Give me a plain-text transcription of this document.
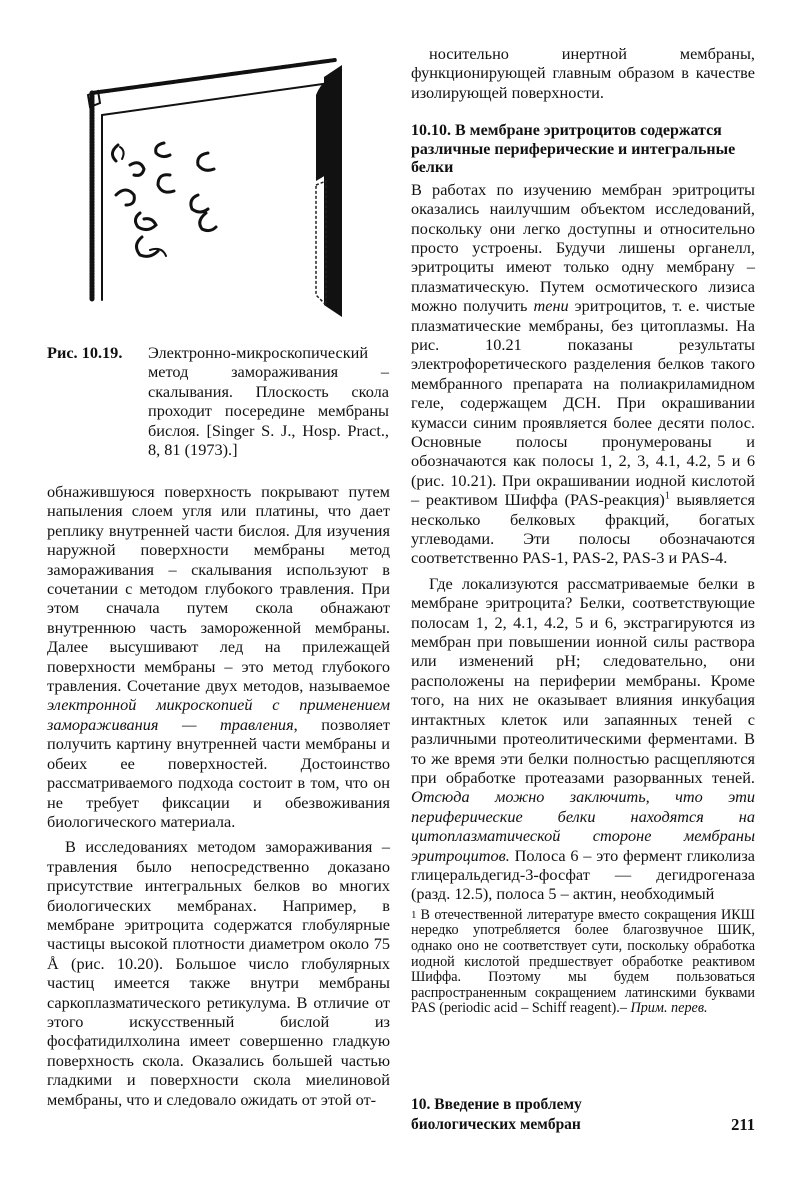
Рис. 10.19. Электронно-микроскопический метод замораживания – скалывания. Плоскость скола проходит посередине мембраны бислоя. [Singer S. J., Hosp. Pract., 8, 81 (1973).]

обнажившуюся поверхность покрывают путем напыления слоем угля или платины, что дает реплику внутренней части бислоя. Для изучения наружной поверхности мембраны метод замораживания – скалывания используют в сочетании с методом глубокого травления. При этом сначала путем скола обнажают внутреннюю часть замороженной мембраны. Далее высушивают лед на прилежащей поверхности мембраны – это метод глубокого травления. Сочетание двух методов, называемое электронной микроскопией с применением замораживания — травления, позволяет получить картину внутренней части мембраны и обеих ее поверхностей. Достоинство рассматриваемого подхода состоит в том, что он не требует фиксации и обезвоживания биологического материала.

В исследованиях методом замораживания – травления было непосредственно доказано присутствие интегральных белков во многих биологических мембранах. Например, в мембране эритроцита содержатся глобулярные частицы высокой плотности диаметром около 75 Å (рис. 10.20). Большое число глобулярных частиц имеется также внутри мембраны саркоплазматического ретикулума. В отличие от этого искусственный бислой из фосфатидилхолина имеет совершенно гладкую поверхность скола. Оказались большей частью гладкими и поверхности скола миелиновой мембраны, что и следовало ожидать от этой от-

носительно инертной мембраны, функционирующей главным образом в качестве изолирующей поверхности.

10.10. В мембране эритроцитов содержатся различные периферические и интегральные белки

В работах по изучению мембран эритроциты оказались наилучшим объектом исследований, поскольку они легко доступны и относительно просто устроены. Будучи лишены органелл, эритроциты имеют только одну мембрану – плазматическую. Путем осмотического лизиса можно получить тени эритроцитов, т. е. чистые плазматические мембраны, без цитоплазмы. На рис. 10.21 показаны результаты электрофоретического разделения белков такого мембранного препарата на полиакриламидном геле, содержащем ДСН. При окрашивании кумасси синим проявляется более десяти полос. Основные полосы пронумерованы и обозначаются как полосы 1, 2, 3, 4.1, 4.2, 5 и 6 (рис. 10.21). При окрашивании иодной кислотой – реактивом Шиффа (PAS-реакция)$^1$ выявляется несколько белковых фракций, богатых углеводами. Эти полосы обозначаются соответственно PAS-1, PAS-2, PAS-3 и PAS-4.

Где локализуются рассматриваемые белки в мембране эритроцита? Белки, соответствующие полосам 1, 2, 4.1, 4.2, 5 и 6, экстрагируются из мембран при повышении ионной силы раствора или изменений pH; следовательно, они расположены на периферии мембраны. Кроме того, на них не оказывает влияния инкубация интактных клеток или запаянных теней с различными протеолитическими ферментами. В то же время эти белки полностью расщепляются при обработке протеазами разорванных теней. Отсюда можно заключить, что эти периферические белки находятся на цитоплазматической стороне мембраны эритроцитов. Полоса 6 – это фермент гликолиза глицеральдегид-3-фосфат — дегидрогеназа (разд. 12.5), полоса 5 – актин, необходимый

$^1$ В отечественной литературе вместо сокращения ИКШ нередко употребляется более благозвучное ШИК, однако оно не соответствует сути, поскольку обработка иодной кислотой предшествует обработке реактивом Шиффа. Поэтому мы будем пользоваться распространенным сокращением латинскими буквами PAS (periodic acid – Schiff reagent).– Прим. перев.

10. Введение в проблему
биологических мембран	211
